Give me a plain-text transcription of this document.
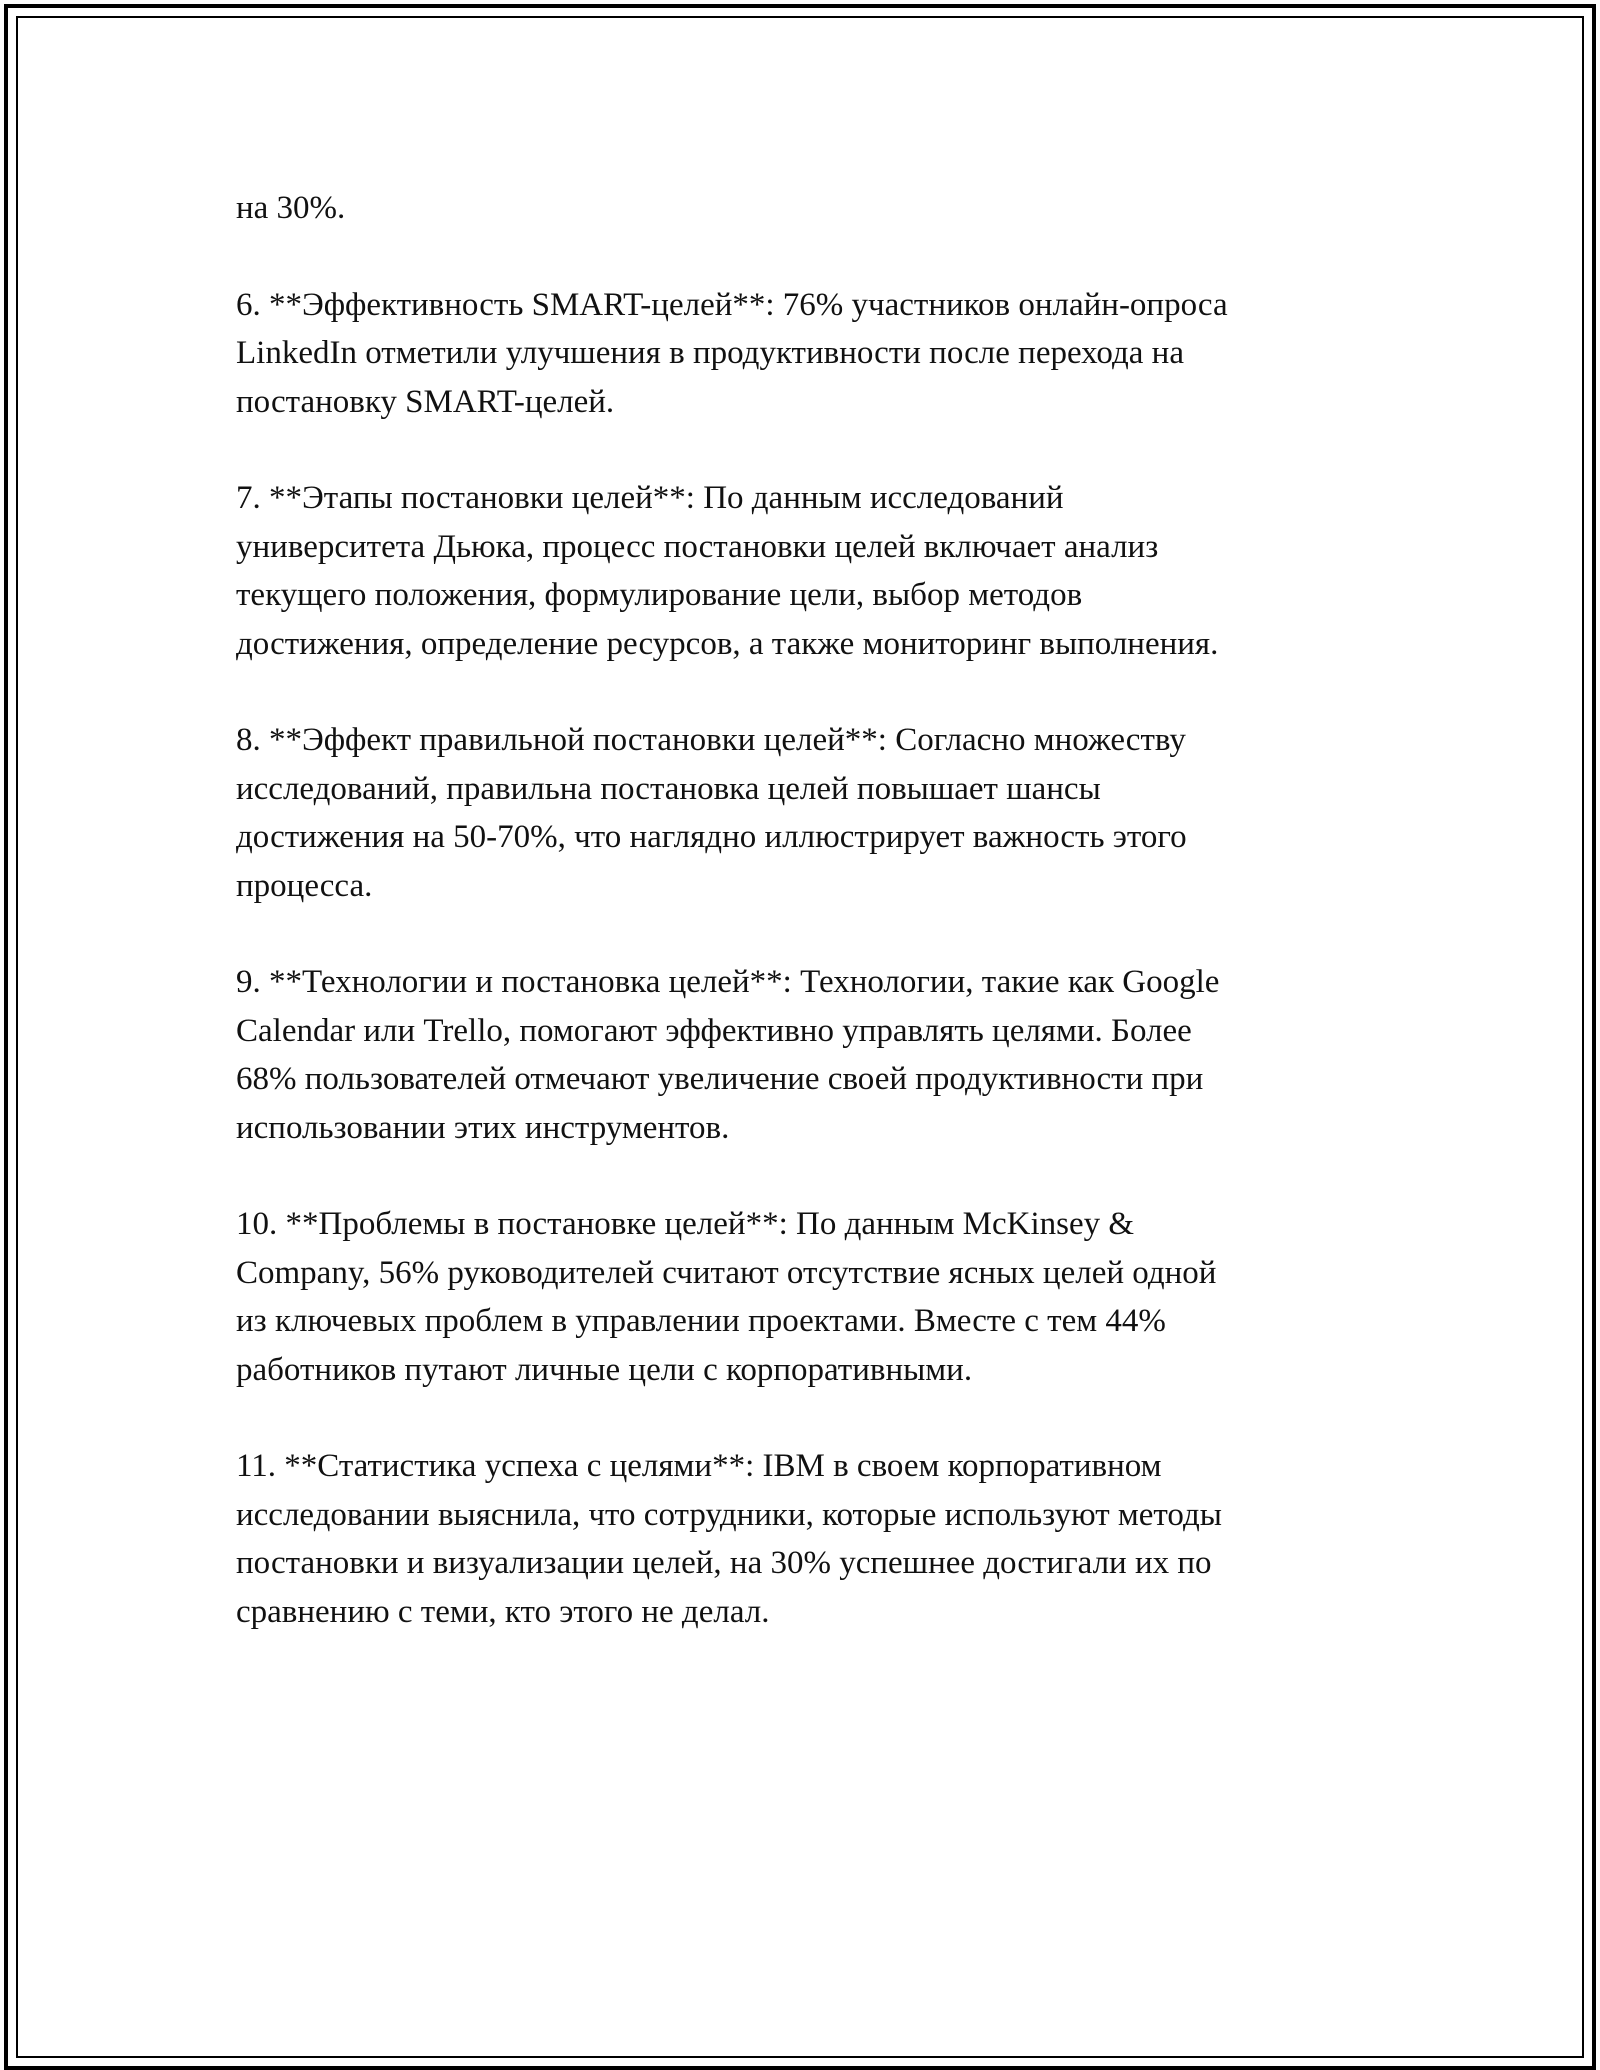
на 30%.

6. **Эффективность SMART-целей**: 76% участников онлайн-опроса
LinkedIn отметили улучшения в продуктивности после перехода на
постановку SMART-целей.

7. **Этапы постановки целей**: По данным исследований
университета Дьюка, процесс постановки целей включает анализ
текущего положения, формулирование цели, выбор методов
достижения, определение ресурсов, а также мониторинг выполнения.

8. **Эффект правильной постановки целей**: Согласно множеству
исследований, правильна постановка целей повышает шансы
достижения на 50-70%, что наглядно иллюстрирует важность этого
процесса.

9. **Технологии и постановка целей**: Технологии, такие как Google
Calendar или Trello, помогают эффективно управлять целями. Более
68% пользователей отмечают увеличение своей продуктивности при
использовании этих инструментов.

10. **Проблемы в постановке целей**: По данным McKinsey &
Company, 56% руководителей считают отсутствие ясных целей одной
из ключевых проблем в управлении проектами. Вместе с тем 44%
работников путают личные цели с корпоративными.

11. **Статистика успеха с целями**: IBM в своем корпоративном
исследовании выяснила, что сотрудники, которые используют методы
постановки и визуализации целей, на 30% успешнее достигали их по
сравнению с теми, кто этого не делал.
